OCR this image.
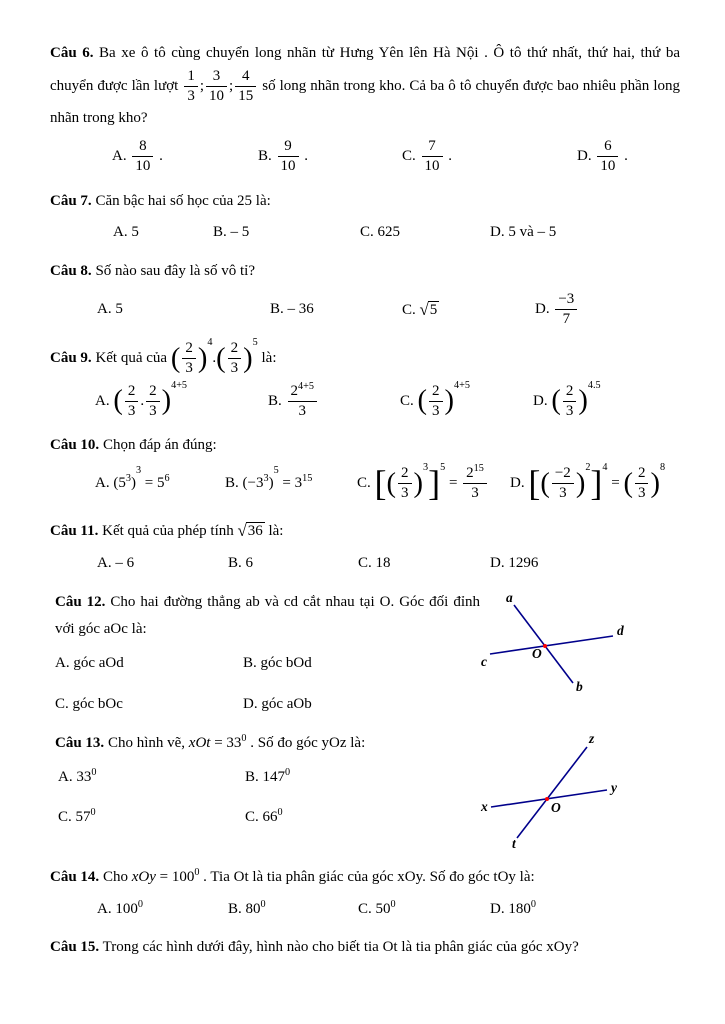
Câu 6. Ba xe ô tô cùng chuyển long nhãn từ Hưng Yên lên Hà Nội . Ô tô thứ nhất, thứ hai, thứ ba chuyển được lần lượt $\frac{1}{3}$ ; $\frac{3}{10}$ ; $\frac{4}{15}$ số long nhãn trong kho. Cả ba ô tô chuyển được bao nhiêu phần long nhãn trong kho?

A. $\frac{8}{10}$ .	B. $\frac{9}{10}$ .	C. $\frac{7}{10}$ .	D. $\frac{6}{10}$ .

Câu 7. Căn bậc hai số học của 25 là:

A. 5	B. – 5	C. 625	D. 5 và – 5

Câu 8. Số nào sau đây là số vô tỉ?

A. 5	B. – 36	C. √5	D. $\frac{-3}{7}$

Câu 9. Kết quả của ( $\frac{2}{3} )^4$
. ( $\frac{2}{3} )^5$
là:

A. ( $\frac{2}{3}$ . $\frac{2}{3} )^{4+5}$
B. $\frac{2^{4+5}}{3}$	C. ( $\frac{2}{3} )^{4+5}$
D. ( $\frac{2}{3} )^{4.5}$

Câu 10. Chọn đáp án đúng:

A. ( $5^3$ )
3
= $5^6$	B. ( $-3^3$ )
5
= $3^{15}$	C. [ ( $\frac{2}{3} )^3$ ]$^5$
= $\frac{2^{15}}{3} D$. [ ( $\frac{-2}{3} )^2$ ]$^4$
= ( $\frac{2}{3} )^8$

Câu 11. Kết quả của phép tính √36 là:

A. – 6	B. 6	C. 18	D. 1296

Câu 12. Cho hai đường thẳng ab và cd cắt nhau tại O. Góc đối đỉnh với góc aOc là:

A. góc aOd	B. góc bOd
C. góc bOc	D. góc aOb
a
b
c
d
O

Câu 13. Cho hình vẽ, xOt = $33^0$ . Số đo góc yOz là:

A. $33^0$	B. $147^0$
C. $57^0$	C. $66^0$
z
x
y
t
O

Câu 14. Cho xOy = $100^0$ . Tia Ot là tia phân giác của góc xOy. Số đo góc tOy là:

A. $100^0$	B. $80^0$	C. $50^0$	D. $180^0$

Câu 15. Trong các hình dưới đây, hình nào cho biết tia Ot là tia phân giác của góc xOy?
